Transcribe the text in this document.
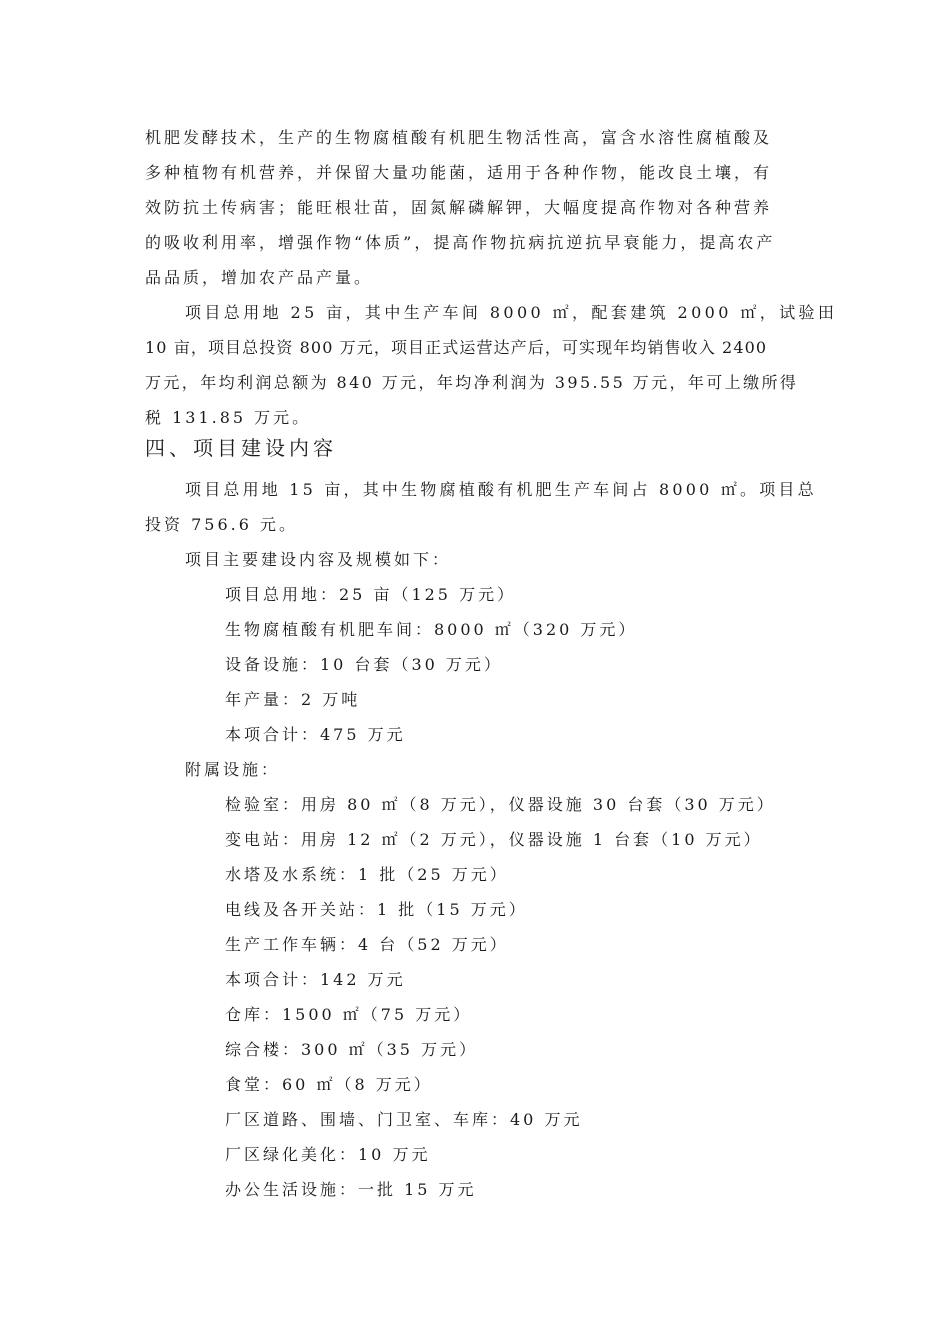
机肥发酵技术，生产的生物腐植酸有机肥生物活性高，富含水溶性腐植酸及
多种植物有机营养，并保留大量功能菌，适用于各种作物，能改良土壤，有
效防抗土传病害；能旺根壮苗，固氮解磷解钾，大幅度提高作物对各种营养
的吸收利用率，增强作物“体质”，提高作物抗病抗逆抗早衰能力，提高农产
品品质，增加农产品产量。
项目总用地 25 亩，其中生产车间 8000 ㎡，配套建筑 2000 ㎡，试验田
10 亩，项目总投资 800 万元，项目正式运营达产后，可实现年均销售收入 2400
万元，年均利润总额为 840 万元，年均净利润为 395.55 万元，年可上缴所得
税 131.85 万元。
四、项目建设内容
项目总用地 15 亩，其中生物腐植酸有机肥生产车间占 8000 ㎡。项目总
投资 756.6 元。
项目主要建设内容及规模如下：
项目总用地：25 亩（125 万元）
生物腐植酸有机肥车间：8000 ㎡（320 万元）
设备设施：10 台套（30 万元）
年产量：2 万吨
本项合计：475 万元
附属设施：
检验室：用房 80 ㎡（8 万元），仪器设施 30 台套（30 万元）
变电站：用房 12 ㎡（2 万元），仪器设施 1 台套（10 万元）
水塔及水系统：1 批（25 万元）
电线及各开关站：1 批（15 万元）
生产工作车辆：4 台（52 万元）
本项合计：142 万元
仓库：1500 ㎡（75 万元）
综合楼：300 ㎡（35 万元）
食堂：60 ㎡（8 万元）
厂区道路、围墙、门卫室、车库：40 万元
厂区绿化美化：10 万元
办公生活设施：一批 15 万元
